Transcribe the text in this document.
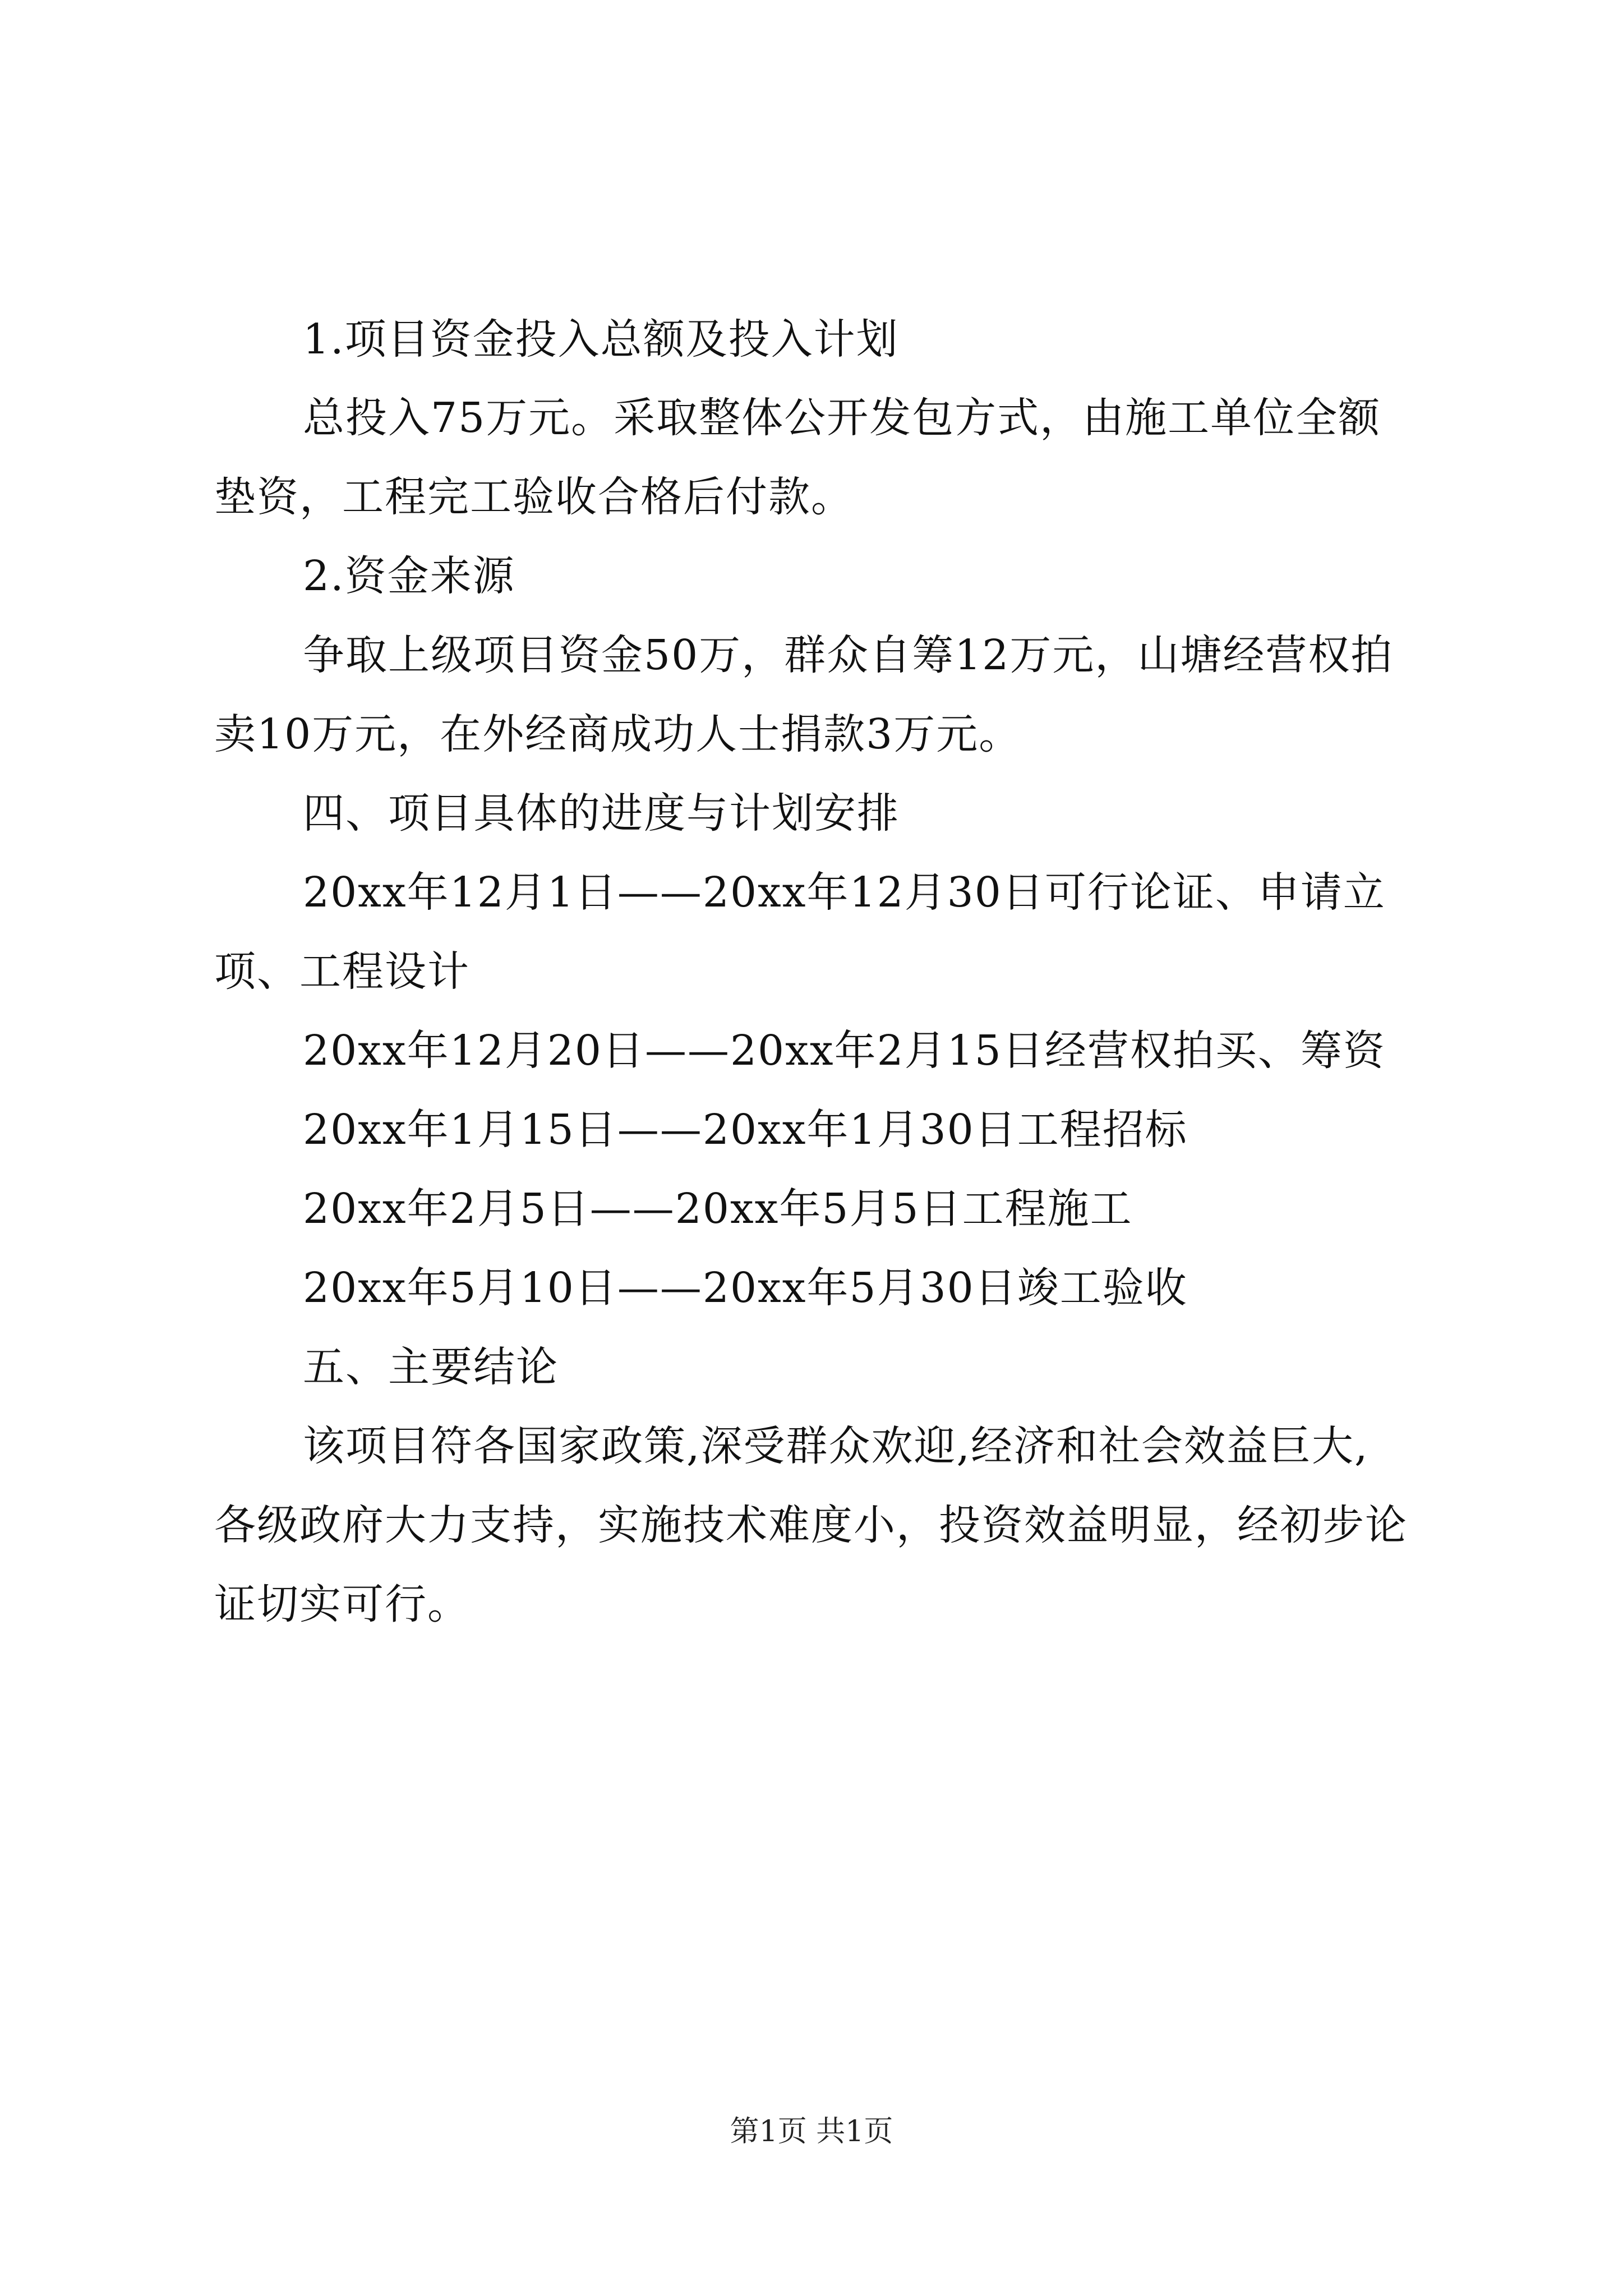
1.项目资金投入总额及投入计划
总投入75万元。采取整体公开发包方式，由施工单位全额
垫资，工程完工验收合格后付款。
2.资金来源
争取上级项目资金50万，群众自筹12万元，山塘经营权拍
卖10万元，在外经商成功人士捐款3万元。
四、项目具体的进度与计划安排
20xx年12月1日——20xx年12月30日可行论证、申请立
项、工程设计
20xx年12月20日——20xx年2月15日经营权拍买、筹资
20xx年1月15日——20xx年1月30日工程招标
20xx年2月5日——20xx年5月5日工程施工
20xx年5月10日——20xx年5月30日竣工验收
五、主要结论
该项目符各国家政策,深受群众欢迎,经济和社会效益巨大,
各级政府大力支持，实施技术难度小，投资效益明显，经初步论
证切实可行。
第1页 共1页
